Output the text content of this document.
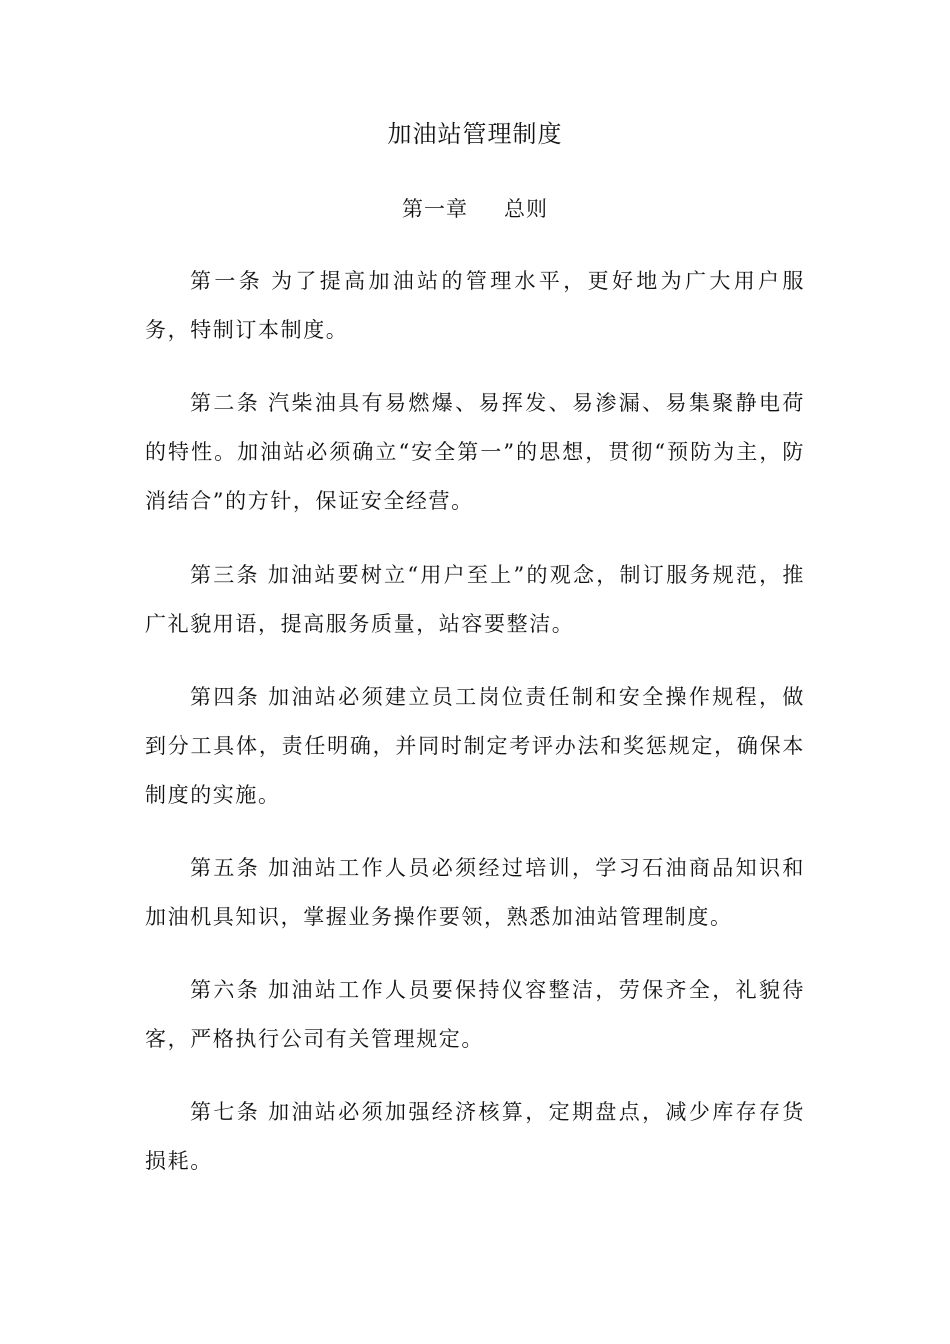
加油站管理制度
第一章 总则

第一条 为了提高加油站的管理水平，更好地为广大用户服务，特制订本制度。

第二条 汽柴油具有易燃爆、易挥发、易渗漏、易集聚静电荷的特性。加油站必须确立“安全第一”的思想，贯彻“预防为主，防消结合”的方针，保证安全经营。

第三条 加油站要树立“用户至上”的观念，制订服务规范，推广礼貌用语，提高服务质量，站容要整洁。

第四条 加油站必须建立员工岗位责任制和安全操作规程，做到分工具体，责任明确，并同时制定考评办法和奖惩规定，确保本制度的实施。

第五条 加油站工作人员必须经过培训，学习石油商品知识和加油机具知识，掌握业务操作要领，熟悉加油站管理制度。

第六条 加油站工作人员要保持仪容整洁，劳保齐全，礼貌待客，严格执行公司有关管理规定。

第七条 加油站必须加强经济核算，定期盘点，减少库存存货损耗。
